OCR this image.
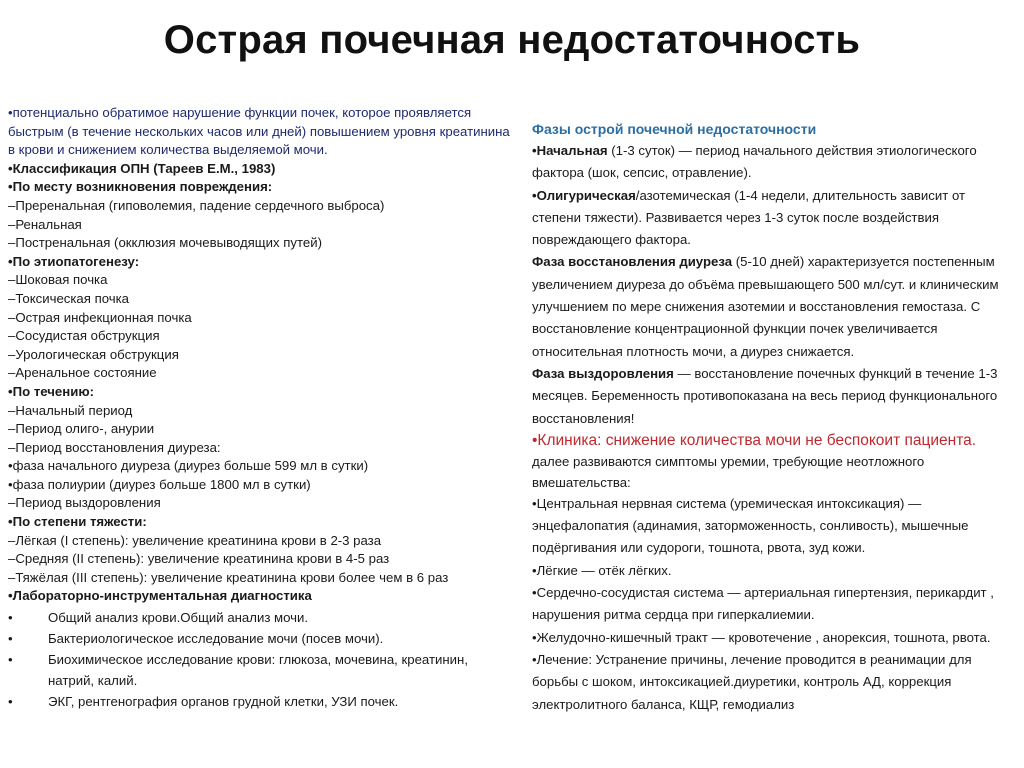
Острая почечная недостаточность

•потенциально обратимое нарушение функции почек, которое проявляется быстрым (в течение нескольких часов или дней) повышением уровня креатинина в крови и снижением количества выделяемой мочи.

•Классификация ОПН (Тареев Е.М., 1983)
•По месту возникновения повреждения:
–Преренальная (гиповолемия, падение сердечного выброса)
–Ренальная
–Постренальная (окклюзия мочевыводящих путей)
•По этиопатогенезу:
–Шоковая почка
–Токсическая почка
–Острая инфекционная почка
–Сосудистая обструкция
–Урологическая обструкция
–Аренальное состояние
•По течению:
–Начальный период
–Период олиго-, анурии
–Период восстановления диуреза:
•фаза начального диуреза (диурез больше 599 мл в сутки)
•фаза полиурии (диурез больше 1800 мл в сутки)
–Период выздоровления
•По степени тяжести:
–Лёгкая (I степень): увеличение креатинина крови в 2-3 раза
–Средняя (II степень): увеличение креатинина крови в 4-5 раз
–Тяжёлая (III степень): увеличение креатинина крови более чем в 6 раз
•Лабораторно-инструментальная диагностика
•	Общий анализ крови.Общий анализ мочи.
•	Бактериологическое исследование мочи (посев мочи).
•	Биохимическое исследование крови: глюкоза, мочевина, креатинин, натрий, калий.
•	ЭКГ, рентгенография органов грудной клетки, УЗИ почек.
Фазы острой почечной недостаточности

•Начальная (1-3 суток) — период начального действия этиологического фактора (шок, сепсис, отравление).

•Олигурическая/азотемическая (1-4 недели, длительность зависит от степени тяжести). Развивается через 1-3 суток после воздействия повреждающего фактора.

Фаза восстановления диуреза (5-10 дней) характеризуется постепенным увеличением диуреза до объёма превышающего 500 мл/сут. и клиническим улучшением по мере снижения азотемии и восстановления гемостаза. С восстановление концентрационной функции почек увеличивается относительная плотность мочи, а диурез снижается.

Фаза выздоровления — восстановление почечных функций в течение 1-3 месяцев. Беременность противопоказана на весь период функционального восстановления!

•Клиника: снижение количества мочи не беспокоит пациента. далее развиваются симптомы уремии, требующие неотложного вмешательства:

•Центральная нервная система (уремическая интоксикация) — энцефалопатия (адинамия, заторможенность, сонливость), мышечные подёргивания или судороги, тошнота, рвота, зуд кожи.

•Лёгкие — отёк лёгких.

•Сердечно-сосудистая система — артериальная гипертензия, перикардит , нарушения ритма сердца при гиперкалиемии.

•Желудочно-кишечный тракт — кровотечение , анорексия, тошнота, рвота.

•Лечение: Устранение причины, лечение проводится в реанимации для борьбы с шоком, интоксикацией.диуретики, контроль АД, коррекция электролитного баланса, КЩР, гемодиализ
